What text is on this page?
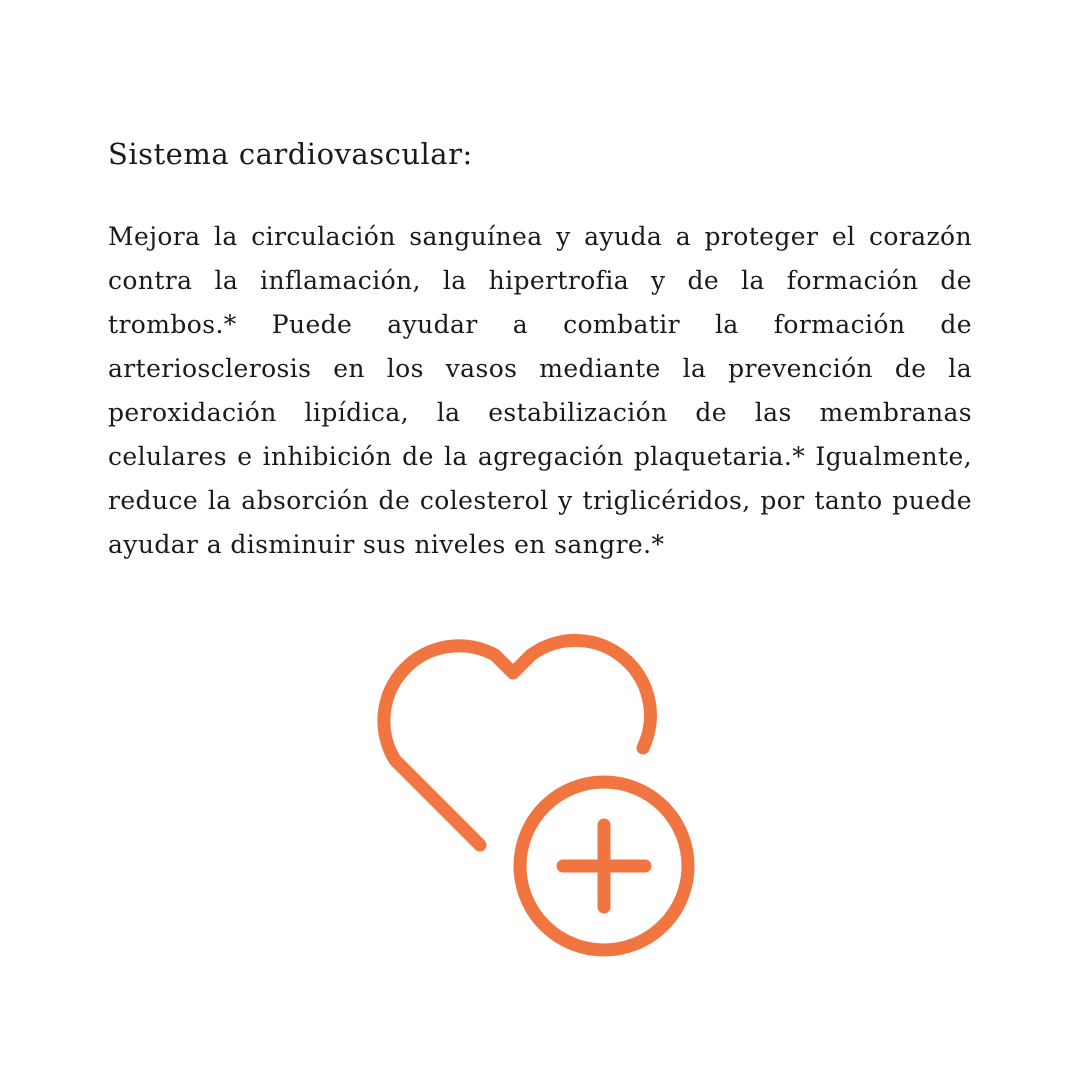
Sistema cardiovascular:

Mejora la circulación sanguínea y ayuda a proteger el corazón contra la inflamación, la hipertrofia y de la formación de trombos.* Puede ayudar a combatir la formación de arteriosclerosis en los vasos mediante la prevención de la peroxidación lipídica, la estabilización de las membranas celulares e inhibición de la agregación plaquetaria.* Igualmente, reduce la absorción de colesterol y triglicéridos, por tanto puede ayudar a disminuir sus niveles en sangre.*
